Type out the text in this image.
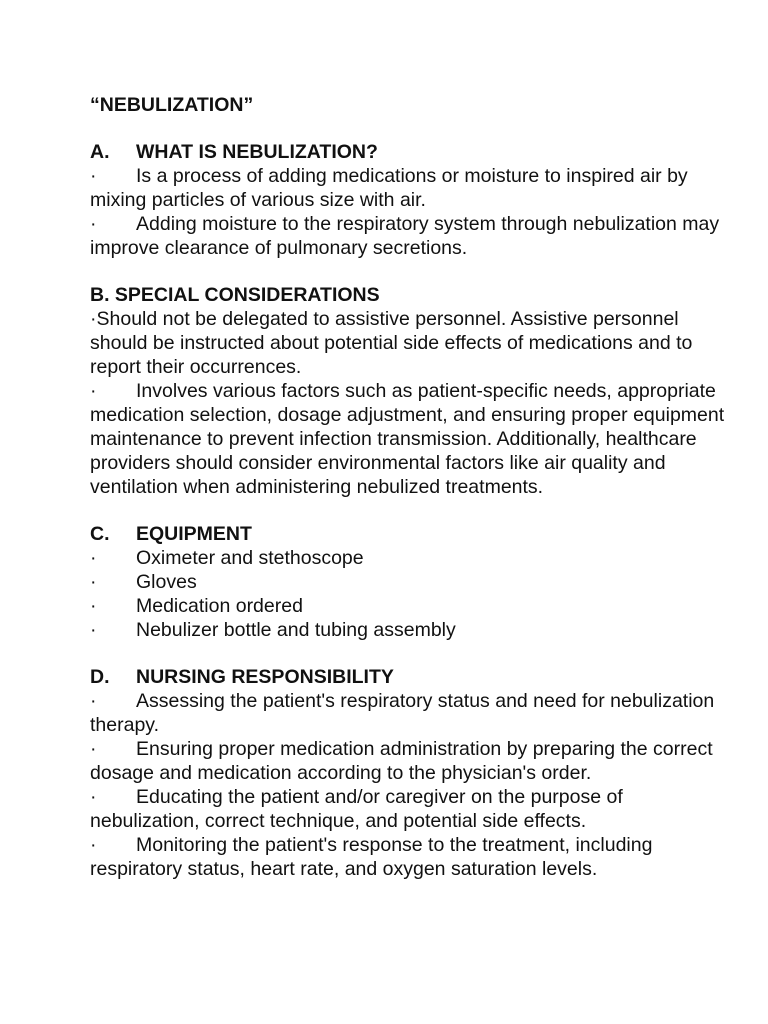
“NEBULIZATION”

A. WHAT IS NEBULIZATION?

· Is a process of adding medications or moisture to inspired air by mixing particles of various size with air.

· Adding moisture to the respiratory system through nebulization may improve clearance of pulmonary secretions.

B. SPECIAL CONSIDERATIONS

·Should not be delegated to assistive personnel. Assistive personnel should be instructed about potential side effects of medications and to report their occurrences.

· Involves various factors such as patient-specific needs, appropriate medication selection, dosage adjustment, and ensuring proper equipment maintenance to prevent infection transmission. Additionally, healthcare providers should consider environmental factors like air quality and ventilation when administering nebulized treatments.

C. EQUIPMENT

· Oximeter and stethoscope

· Gloves

· Medication ordered

· Nebulizer bottle and tubing assembly

D. NURSING RESPONSIBILITY

· Assessing the patient's respiratory status and need for nebulization therapy.

· Ensuring proper medication administration by preparing the correct dosage and medication according to the physician's order.

· Educating the patient and/or caregiver on the purpose of nebulization, correct technique, and potential side effects.

· Monitoring the patient's response to the treatment, including respiratory status, heart rate, and oxygen saturation levels.
